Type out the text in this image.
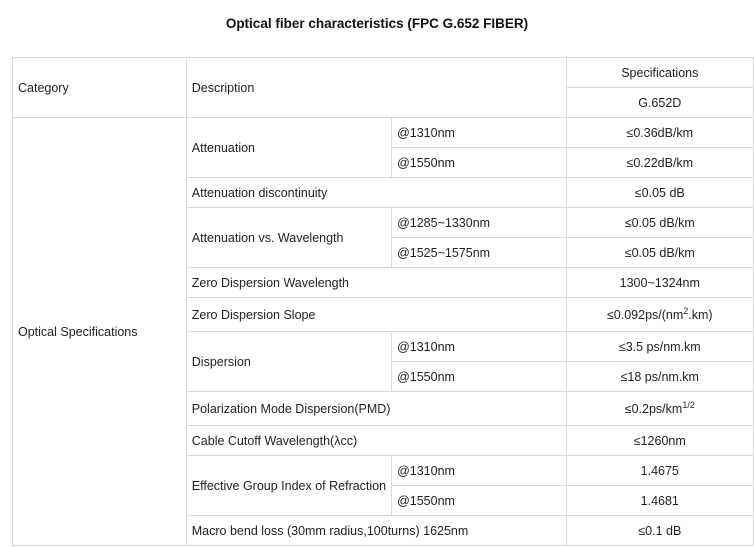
Optical fiber characteristics (FPC G.652 FIBER)
Category	Description		Specifications
			G.652D
Optical Specifications	Attenuation	@1310nm	≤0.36dB/km
		@1550nm	≤0.22dB/km
	Attenuation discontinuity		≤0.05 dB
	Attenuation vs. Wavelength	@1285~1330nm	≤0.05 dB/km
		@1525~1575nm	≤0.05 dB/km
	Zero Dispersion Wavelength		1300~1324nm
	Zero Dispersion Slope		$\le 0.092ps/(nm^2.km)$
	Dispersion	@1310nm	≤3.5 ps/nm.km
		@1550nm	≤18 ps/nm.km
	Polarization Mode Dispersion(PMD)		$\le 0.2ps/km^{1/2}$
	Cable Cutoff Wavelength(λcc)		≤1260nm
	Effective Group Index of Refraction	@1310nm	1.4675
		@1550nm	1.4681
	Macro bend loss (30mm radius,100turns) 1625nm		≤0.1 dB
